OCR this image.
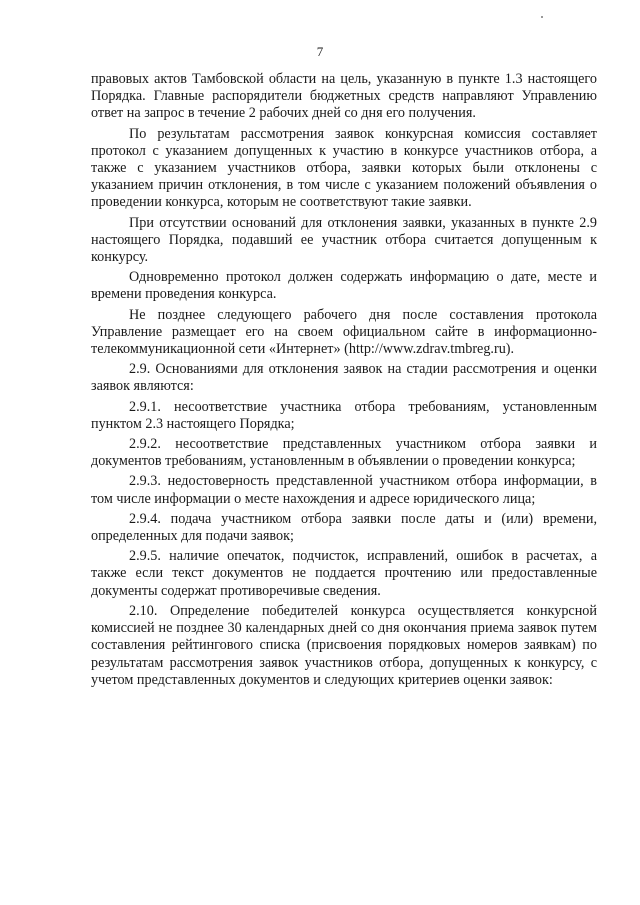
7

правовых актов Тамбовской области на цель, указанную в пункте 1.3 настоящего Порядка. Главные распорядители бюджетных средств направляют Управлению ответ на запрос в течение 2 рабочих дней со дня его получения.

По результатам рассмотрения заявок конкурсная комиссия составляет протокол с указанием допущенных к участию в конкурсе участников отбора, а также с указанием участников отбора, заявки которых были отклонены с указанием причин отклонения, в том числе с указанием положений объявления о проведении конкурса, которым не соответствуют такие заявки.

При отсутствии оснований для отклонения заявки, указанных в пункте 2.9 настоящего Порядка, подавший ее участник отбора считается допущенным к конкурсу.

Одновременно протокол должен содержать информацию о дате, месте и времени проведения конкурса.

Не позднее следующего рабочего дня после составления протокола Управление размещает его на своем официальном сайте в информационно-телекоммуникационной сети «Интернет» (http://www.zdrav.tmbreg.ru).

2.9. Основаниями для отклонения заявок на стадии рассмотрения и оценки заявок являются:

2.9.1. несоответствие участника отбора требованиям, установленным пунктом 2.3 настоящего Порядка;

2.9.2. несоответствие представленных участником отбора заявки и документов требованиям, установленным в объявлении о проведении конкурса;

2.9.3. недостоверность представленной участником отбора информации, в том числе информации о месте нахождения и адресе юридического лица;

2.9.4. подача участником отбора заявки после даты и (или) времени, определенных для подачи заявок;

2.9.5. наличие опечаток, подчисток, исправлений, ошибок в расчетах, а также если текст документов не поддается прочтению или предоставленные документы содержат противоречивые сведения.

2.10. Определение победителей конкурса осуществляется конкурсной комиссией не позднее 30 календарных дней со дня окончания приема заявок путем составления рейтингового списка (присвоения порядковых номеров заявкам) по результатам рассмотрения заявок участников отбора, допущенных к конкурсу, с учетом представленных документов и следующих критериев оценки заявок:
